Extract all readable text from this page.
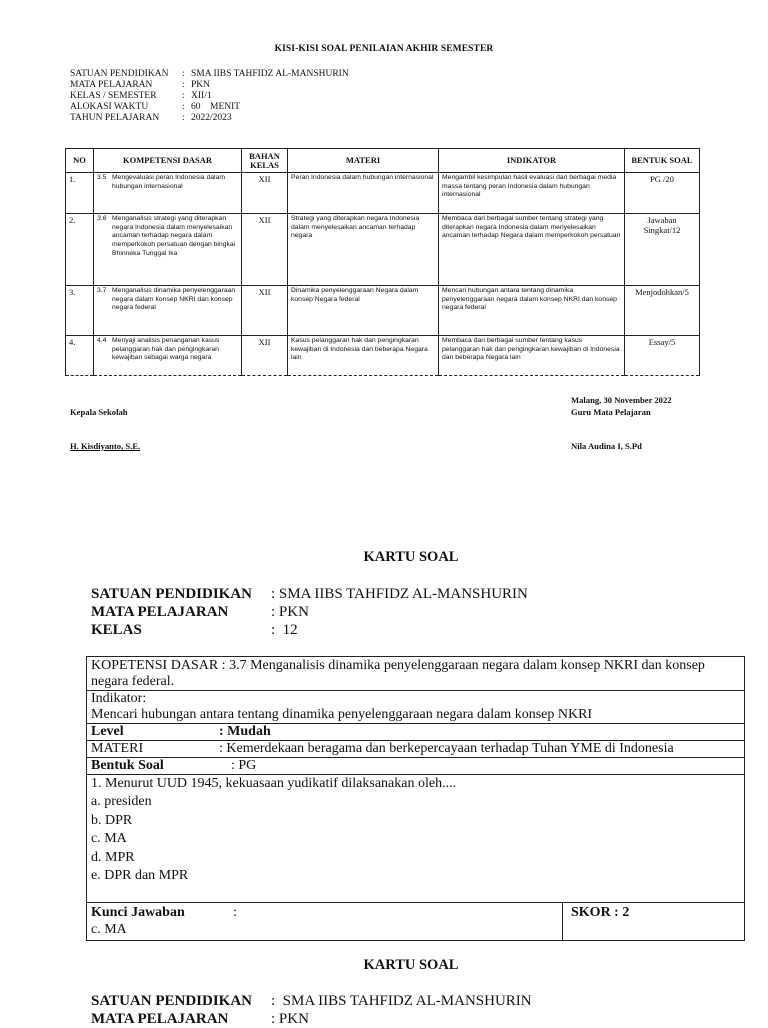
KISI-KISI SOAL PENILAIAN AKHIR SEMESTER
SATUAN PENDIDIKAN	: SMA IIBS TAHFIDZ AL-MANSHURIN
MATA PELAJARAN	: PKN
KELAS / SEMESTER	: XII/1
ALOKASI WAKTU	: 60    MENIT
TAHUN PELAJARAN	: 2022/2023
NO	KOMPETENSI DASAR	BAHAN KELAS	MATERI	INDIKATOR	BENTUK SOAL
1.	3.5 Mengevaluasi peran Indonesia dalam hubungan internasional	XII	Peran Indonesia dalam hubungan internasional	Mengambil kesimpulan hasil evaluasi dari berbagai media massa tentang peran Indonesia dalam hubungan internasional	PG /20
2.	3.6 Menganalisis strategi yang diterapkan negara Indonesia dalam menyelesaikan ancaman terhadap negara dalam memperkokoh persatuan dengan bingkai Bhinneka Tunggal Ika	XII	Strategi yang diterapkan negara Indonesia dalam menyelesaikan ancaman terhadap negara	Membaca dari berbagai sumber tentang strategi yang diterapkan negara Indonesia dalam menyelesaikan ancaman terhadap Negara dalam memperkokoh persatuan	Jawaban Singkat/12
3.	3.7 Menganalisis dinamika penyelenggaraan negara dalam konsep NKRI dan konsep negara federal	XII	Dinamika penyelenggaraan Negara dalam konsep Negara federal	Mencari hubungan antara tentang dinamika penyelenggaraan negara dalam konsep NKRI dan konsep negara federal	Menjodohkan/5
4.	4.4 Menyaji analisis penanganan kasus pelanggaran hak dan pengingkaran kewajiban sebagai warga negara	XII	Kasus pelanggaran hak dan pengingkaran kewajiban di Indonesia dan beberapa Negara lain	Membaca dari berbagai sumber tentang kasus pelanggaran hak dan pengingkaran kewajiban di Indonesia dan beberapa Negara lain	Essay/5
Malang, 30 November 2022
Kepala Sekolah	Guru Mata Pelajaran
H. Kisdiyanto, S.E.	Nila Audina I, S.Pd
KARTU SOAL
SATUAN PENDIDIKAN	: SMA IIBS TAHFIDZ AL-MANSHURIN
MATA PELAJARAN	: PKN
KELAS	:  12
KOPETENSI DASAR : 3.7 Menganalisis dinamika penyelenggaraan negara dalam konsep NKRI dan konsep negara federal.
Indikator:
Mencari hubungan antara tentang dinamika penyelenggaraan negara dalam konsep NKRI
Level	: Mudah
MATERI	: Kemerdekaan beragama dan berkepercayaan terhadap Tuhan YME di Indonesia
Bentuk Soal	: PG
1. Menurut UUD 1945, kekuasaan yudikatif dilaksanakan oleh....
a. presiden
b. DPR
c. MA
d. MPR
e. DPR dan MPR
Kunci Jawaban	:
c. MA
SKOR : 2
KARTU SOAL
SATUAN PENDIDIKAN	:  SMA IIBS TAHFIDZ AL-MANSHURIN
MATA PELAJARAN	: PKN
